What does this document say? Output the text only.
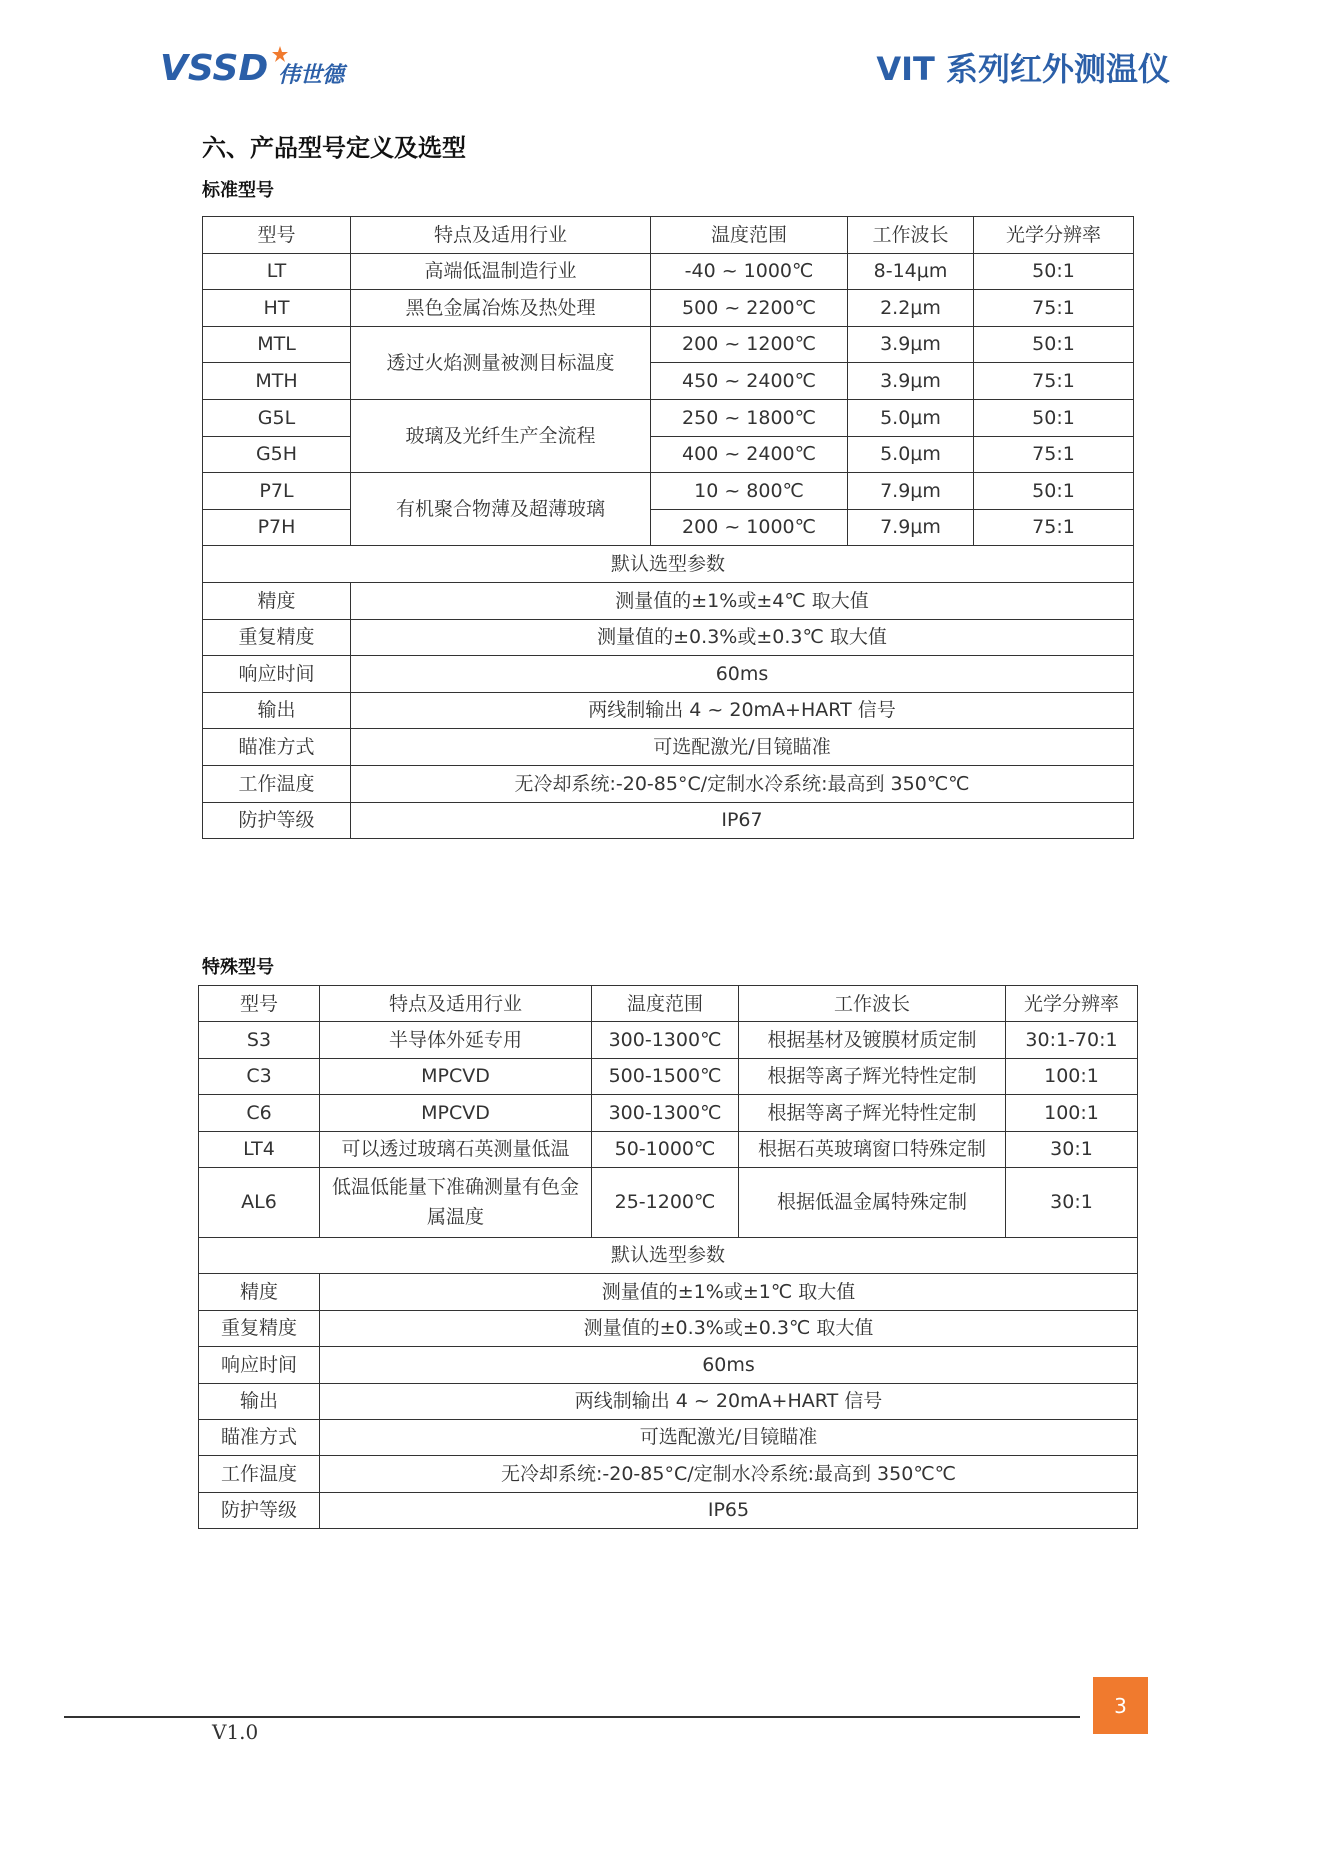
VSSD 伟世德	VIT 系列红外测温仪
六、产品型号定义及选型
标准型号
型号	特点及适用行业	温度范围	工作波长	光学分辨率
LT	高端低温制造行业	-40 ~ 1000℃	8-14μm	50:1
HT	黑色金属冶炼及热处理	500 ~ 2200℃	2.2μm	75:1
MTL	透过火焰测量被测目标温度	200 ~ 1200℃	3.9μm	50:1
MTH		450 ~ 2400℃	3.9μm	75:1
G5L	玻璃及光纤生产全流程	250 ~ 1800℃	5.0μm	50:1
G5H		400 ~ 2400℃	5.0μm	75:1
P7L	有机聚合物薄及超薄玻璃	10 ~ 800℃	7.9μm	50:1
P7H		200 ~ 1000℃	7.9μm	75:1
默认选型参数				
精度	测量值的±1%或±4℃ 取大值			
重复精度	测量值的±0.3%或±0.3℃ 取大值			
响应时间	60ms			
输出	两线制输出 4 ~ 20mA+HART 信号			
瞄准方式	可选配激光/目镜瞄准			
工作温度	无冷却系统:-20-85°C/定制水冷系统:最高到 350℃℃			
防护等级	IP67			
特殊型号
型号	特点及适用行业	温度范围	工作波长	光学分辨率
S3	半导体外延专用	300-1300℃	根据基材及镀膜材质定制	30:1-70:1
C3	MPCVD	500-1500℃	根据等离子辉光特性定制	100:1
C6	MPCVD	300-1300℃	根据等离子辉光特性定制	100:1
LT4	可以透过玻璃石英测量低温	50-1000℃	根据石英玻璃窗口特殊定制	30:1
AL6	低温低能量下准确测量有色金属温度	25-1200℃	根据低温金属特殊定制	30:1
默认选型参数				
精度	测量值的±1%或±1℃ 取大值			
重复精度	测量值的±0.3%或±0.3℃ 取大值			
响应时间	60ms			
输出	两线制输出 4 ~ 20mA+HART 信号			
瞄准方式	可选配激光/目镜瞄准			
工作温度	无冷却系统:-20-85°C/定制水冷系统:最高到 350℃℃			
防护等级	IP65			
3
V1.0
